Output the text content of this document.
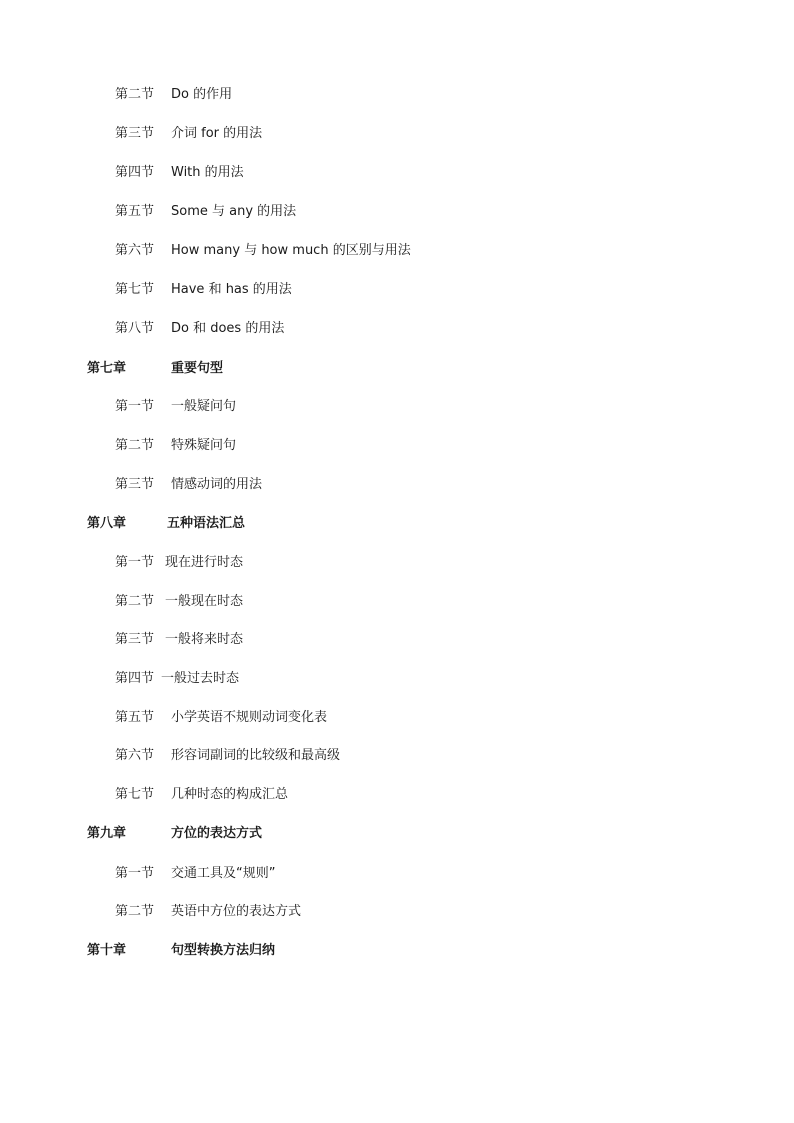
第二节 Do 的作用
第三节 介词 for 的用法
第四节 With 的用法
第五节 Some 与 any 的用法
第六节 How many 与 how much 的区别与用法
第七节 Have 和 has 的用法
第八节 Do 和 does 的用法
第七章	重要句型
第一节 一般疑问句
第二节 特殊疑问句
第三节 情感动词的用法
第八章	五种语法汇总
第一节 现在进行时态
第二节 一般现在时态
第三节 一般将来时态
第四节 一般过去时态
第五节 小学英语不规则动词变化表
第六节 形容词副词的比较级和最高级
第七节 几种时态的构成汇总
第九章	方位的表达方式
第一节 交通工具及“规则”
第二节 英语中方位的表达方式
第十章	句型转换方法归纳
